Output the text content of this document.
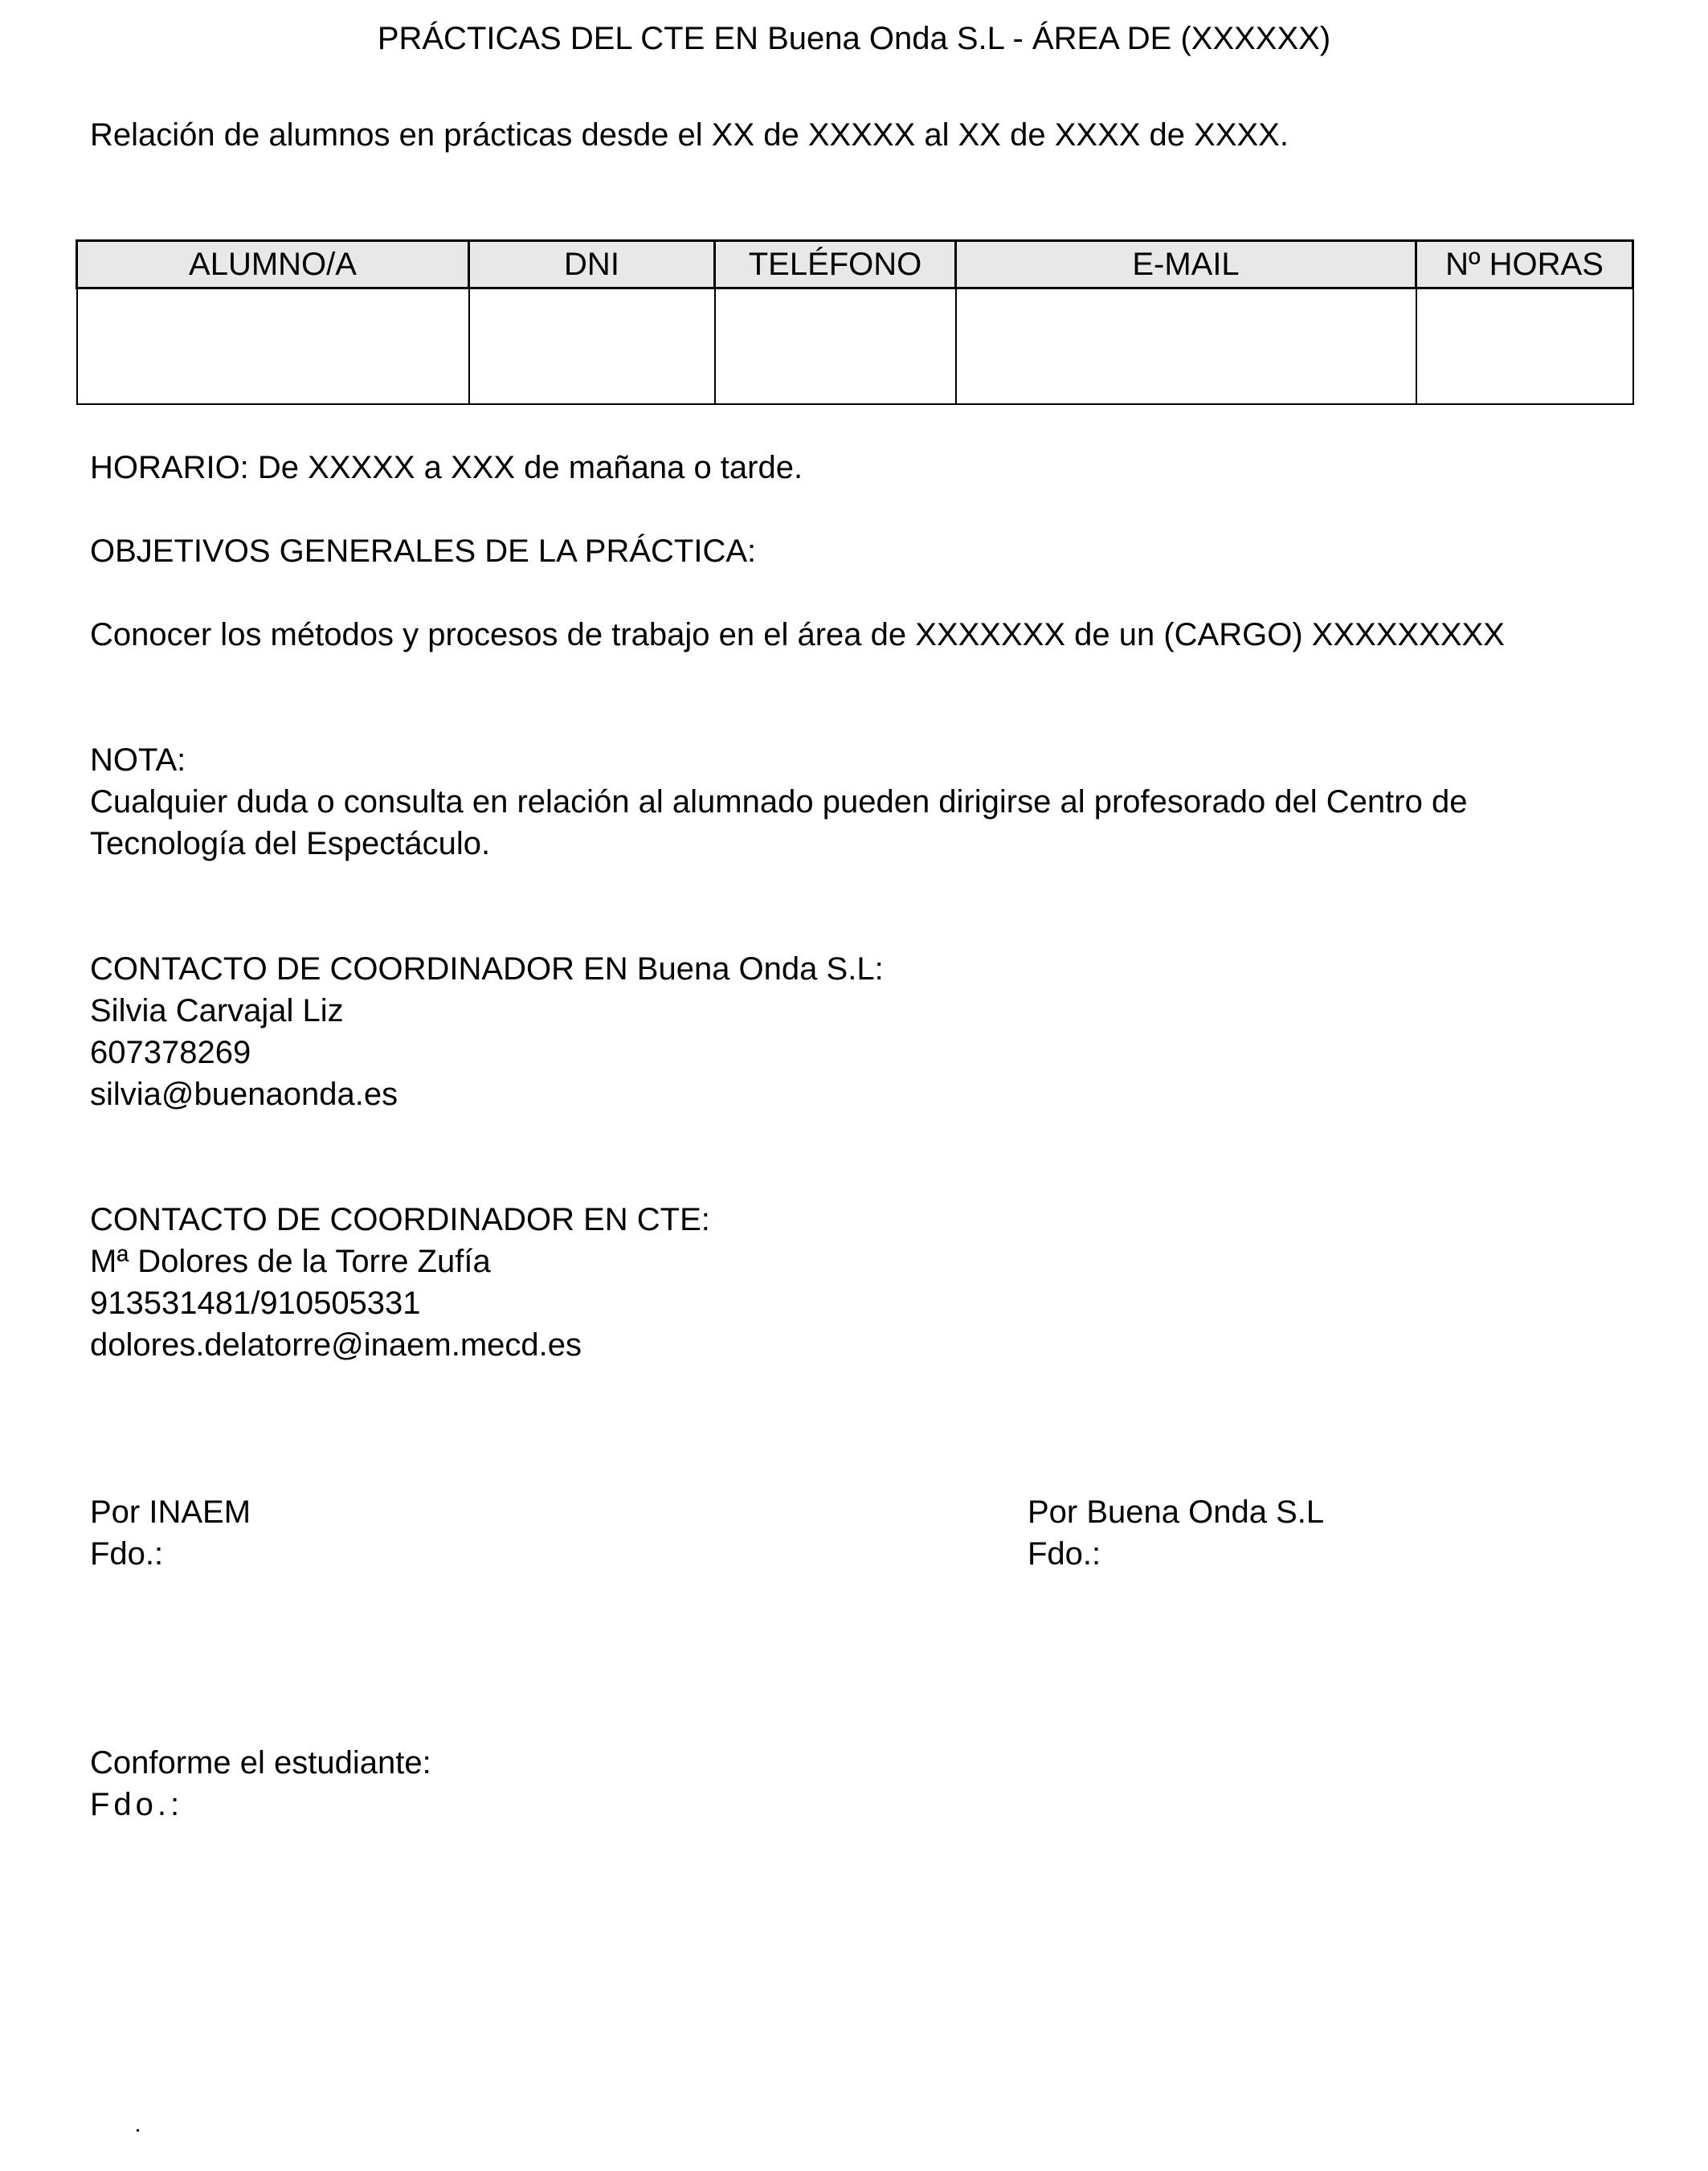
PRÁCTICAS DEL CTE EN Buena Onda S.L - ÁREA DE (XXXXXX)
Relación de alumnos en prácticas desde el XX de XXXXX al XX de XXXX de XXXX.
ALUMNO/A	DNI	TELÉFONO	E-MAIL	Nº HORAS

HORARIO: De XXXXX a XXX de mañana o tarde.
OBJETIVOS GENERALES DE LA PRÁCTICA:
Conocer los métodos y procesos de trabajo en el área de XXXXXXX de un (CARGO) XXXXXXXXX
NOTA:
Cualquier duda o consulta en relación al alumnado pueden dirigirse al profesorado del Centro de Tecnología del Espectáculo.
CONTACTO DE COORDINADOR EN Buena Onda S.L:
Silvia Carvajal Liz
607378269
silvia@buenaonda.es
CONTACTO DE COORDINADOR EN CTE:
Mª Dolores de la Torre Zufía
913531481/910505331
dolores.delatorre@inaem.mecd.es
Por INAEM
Fdo.:
Por Buena Onda S.L
Fdo.:
Conforme el estudiante:
Fdo.:
